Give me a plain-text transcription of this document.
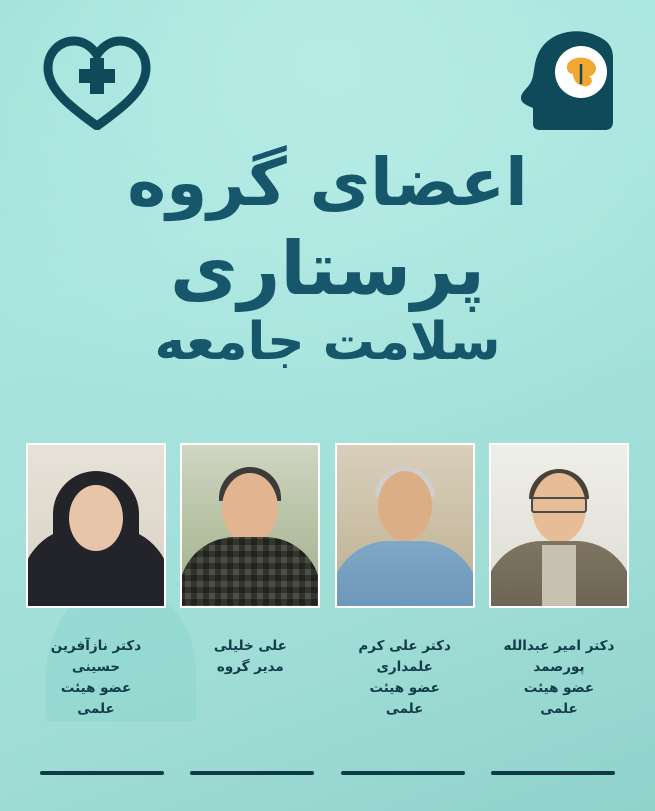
اعضای گروه
پرستاری
سلامت جامعه
دکتر نازآفرین
حسینی
عضو هیئت
علمی
علی خلیلی
مدیر گروه
دکتر علی کرم
علمداری
عضو هیئت
علمی
دکتر امیر عبدالله
پورصمد
عضو هیئت
علمی
